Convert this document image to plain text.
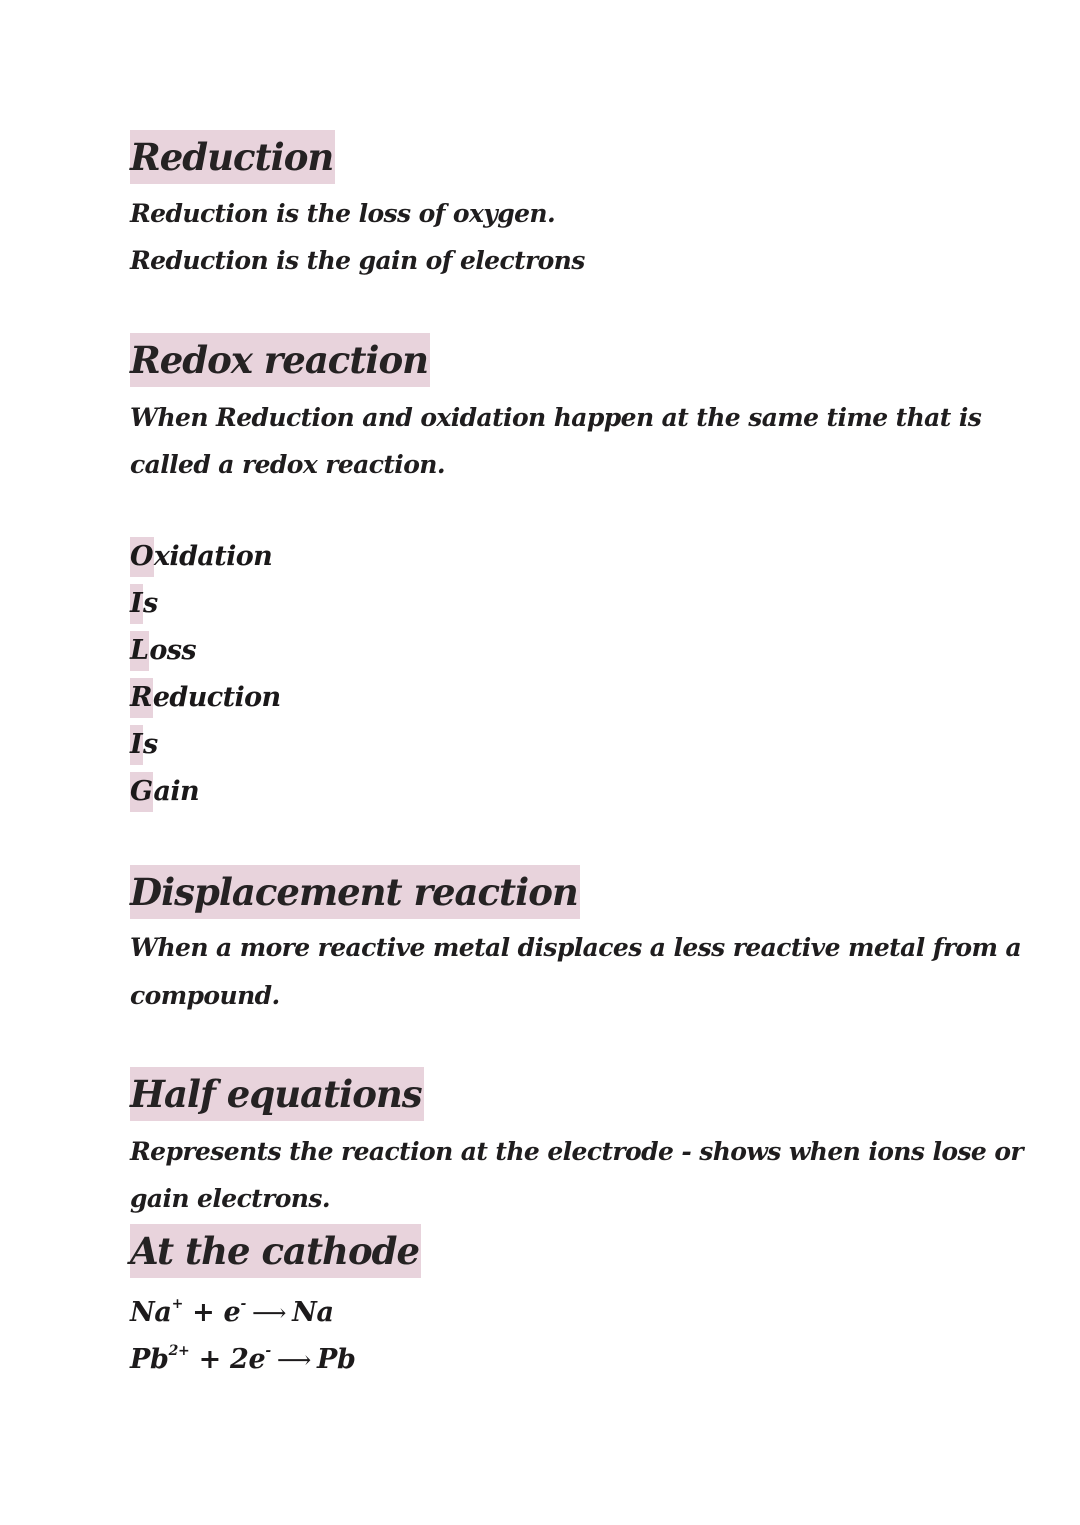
Reduction
Reduction is the loss of oxygen.
Reduction is the gain of electrons
Redox reaction
When Reduction and oxidation happen at the same time that is
called a redox reaction.
Oxidation
Is
Loss
Reduction
Is
Gain
Displacement reaction
When a more reactive metal displaces a less reactive metal from a
compound.
Half equations
Represents the reaction at the electrode - shows when ions lose or
gain electrons.
At the cathode
Na+ + e- ⟶ Na
$Pb^{2+} + 2e^-$ ⟶ Pb
